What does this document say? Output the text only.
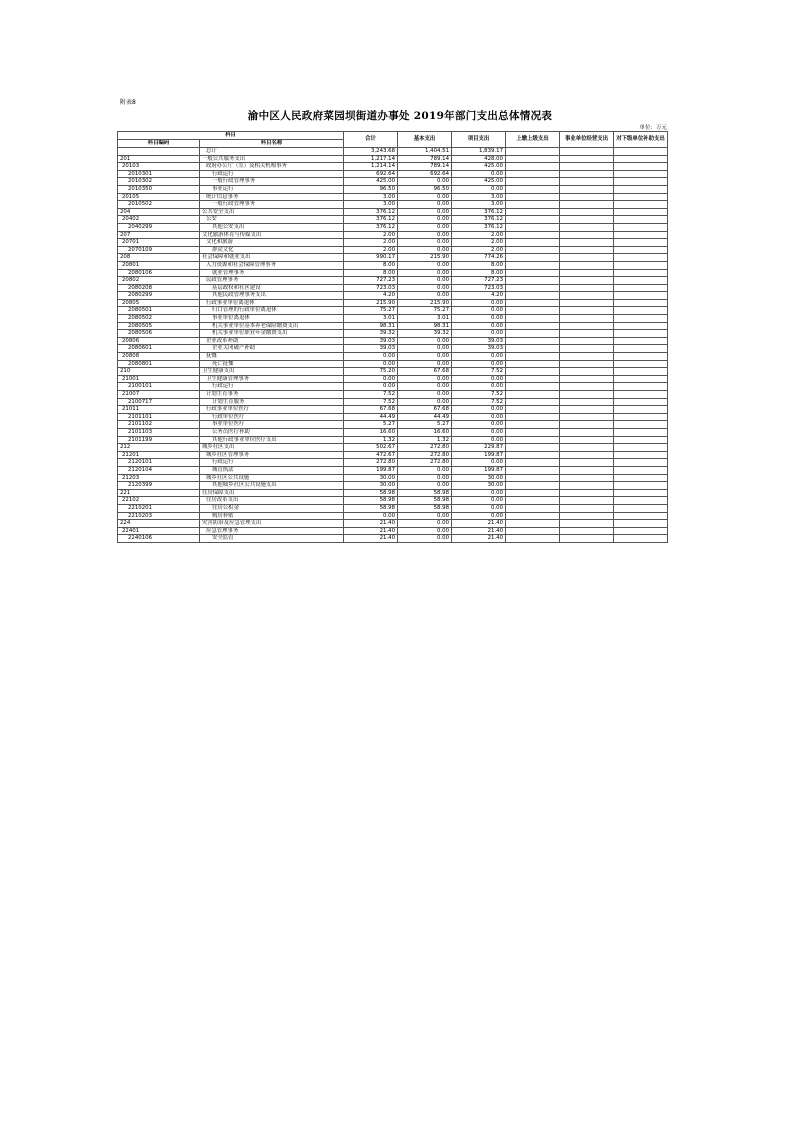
附表8
渝中区人民政府菜园坝街道办事处 2019年部门支出总体情况表
单位：万元
科目		合计	基本支出	项目支出	上缴上级支出	事业单位经营支出	对下级单位补助支出
科目编码	科目名称						
	总计	3,243.68	1,404.51	1,839.17			
201	一般公共服务支出	1,217.14	789.14	428.00			
20103	政府办公厅（室）及相关机构事务	1,214.14	789.14	425.00			
2010301	行政运行	692.64	692.64	0.00			
2010302	一般行政管理事务	425.00	0.00	425.00			
2010350	事业运行	96.50	96.50	0.00			
20105	统计信息事务	3.00	0.00	3.00			
2010502	一般行政管理事务	3.00	0.00	3.00			
204	公共安全支出	376.12	0.00	376.12			
20402	公安	376.12	0.00	376.12			
2040299	其他公安支出	376.12	0.00	376.12			
207	文化旅游体育与传媒支出	2.00	0.00	2.00			
20701	文化和旅游	2.00	0.00	2.00			
2070109	群众文化	2.00	0.00	2.00			
208	社会保障和就业支出	990.17	215.90	774.26			
20801	人力资源和社会保障管理事务	8.00	0.00	8.00			
2080106	就业管理事务	8.00	0.00	8.00			
20802	民政管理事务	727.23	0.00	727.23			
2080208	基层政权和社区建设	723.03	0.00	723.03			
2080299	其他民政管理事务支出	4.20	0.00	4.20			
20805	行政事业单位离退休	215.90	215.90	0.00			
2080501	归口管理的行政单位离退休	75.27	75.27	0.00			
2080502	事业单位离退休	3.01	3.01	0.00			
2080505	机关事业单位基本养老保险缴费支出	98.31	98.31	0.00			
2080506	机关事业单位职业年金缴费支出	39.32	39.32	0.00			
20806	企业改革补助	39.03	0.00	39.03			
2080601	企业关闭破产补助	39.03	0.00	39.03			
20808	抚恤	0.00	0.00	0.00			
2080801	死亡抚恤	0.00	0.00	0.00			
210	卫生健康支出	75.20	67.68	7.52			
21001	卫生健康管理事务	0.00	0.00	0.00			
2100101	行政运行	0.00	0.00	0.00			
21007	计划生育事务	7.52	0.00	7.52			
2100717	计划生育服务	7.52	0.00	7.52			
21011	行政事业单位医疗	67.68	67.68	0.00			
2101101	行政单位医疗	44.49	44.49	0.00			
2101102	事业单位医疗	5.27	5.27	0.00			
2101103	公务员医疗补助	16.60	16.60	0.00			
2101199	其他行政事业单位医疗支出	1.32	1.32	0.00			
212	城乡社区支出	502.67	272.80	229.87			
21201	城乡社区管理事务	472.67	272.80	199.87			
2120101	行政运行	272.80	272.80	0.00			
2120104	城管执法	199.87	0.00	199.87			
21203	城乡社区公共设施	30.00	0.00	30.00			
2120399	其他城乡社区公共设施支出	30.00	0.00	30.00			
221	住房保障支出	58.98	58.98	0.00			
22102	住房改革支出	58.98	58.98	0.00			
2210201	住房公积金	58.98	58.98	0.00			
2210203	购房补贴	0.00	0.00	0.00			
224	灾害防治及应急管理支出	21.40	0.00	21.40			
22401	应急管理事务	21.40	0.00	21.40			
2240106	安全监管	21.40	0.00	21.40			
